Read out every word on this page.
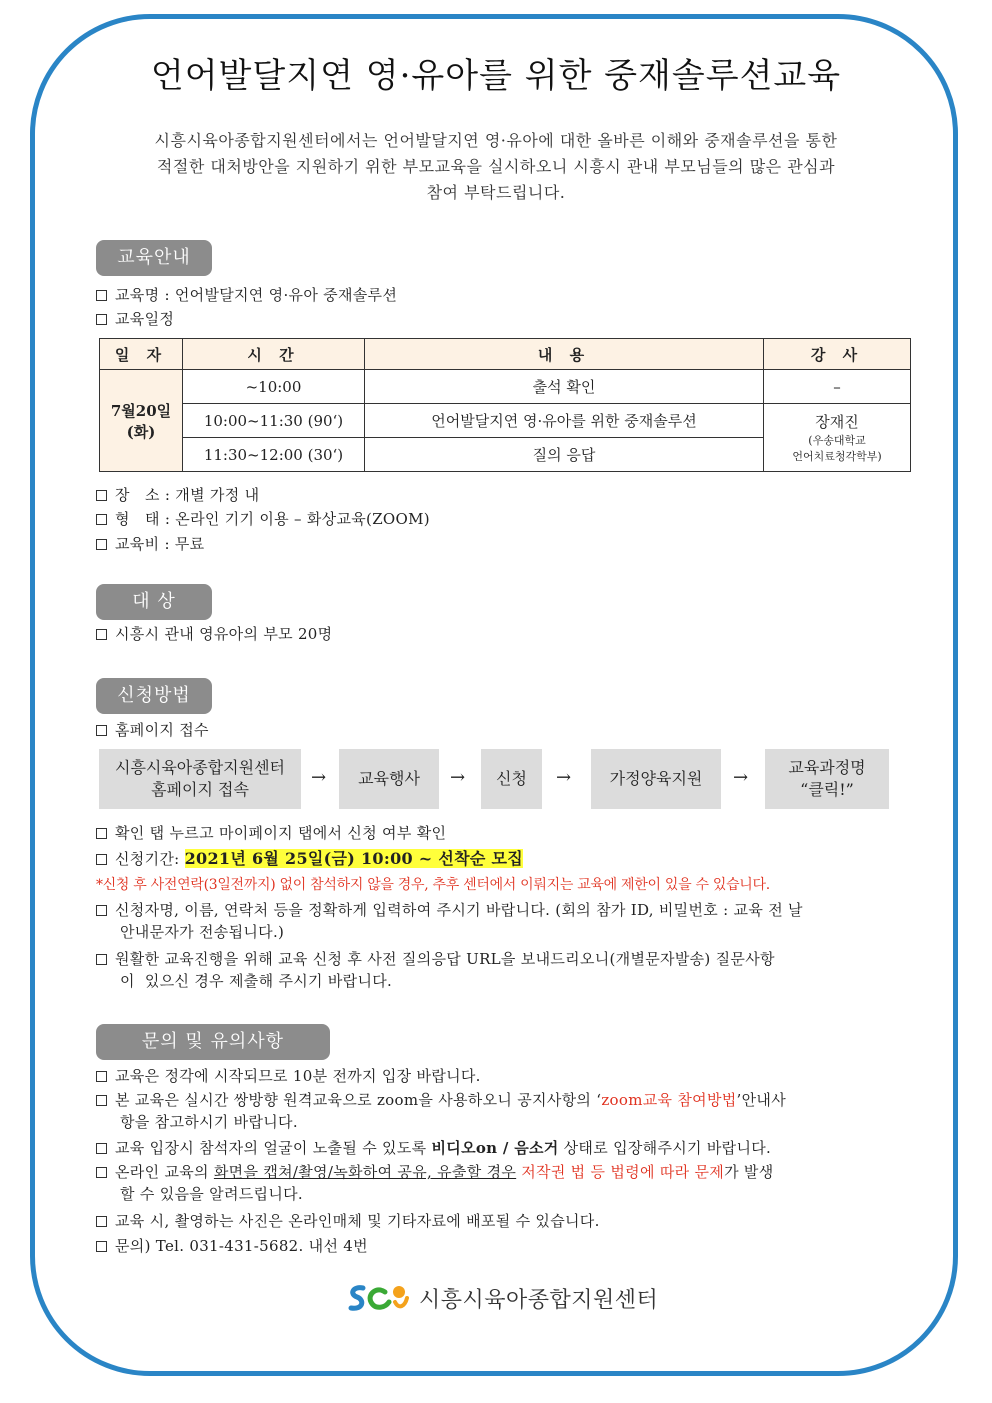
언어발달지연 영·유아를 위한 중재솔루션교육
시흥시육아종합지원센터에서는 언어발달지연 영·유아에 대한 올바른 이해와 중재솔루션을 통한
적절한 대처방안을 지원하기 위한 부모교육을 실시하오니 시흥시 관내 부모님들의 많은 관심과
참여 부탁드립니다.
교육안내
교육명 : 언어발달지연 영·유아 중재솔루션
교육일정
일 자	시 간	내 용	강 사

7월20일
(화)	~10:00	출석 확인	–
	10:00~11:30 (90‘)	언어발달지연 영·유아를 위한 중재솔루션	장재진
(우송대학교
언어치료청각학부)

	11:30~12:00 (30‘)	질의 응답	
장   소 : 개별 가정 내
형   태 : 온라인 기기 이용 – 화상교육(ZOOM)
교육비 : 무료
대 상
시흥시 관내 영유아의 부모 20명
신청방법
홈페이지 접수
시흥시육아종합지원센터
홈페이지 접속
→	교육행사	→	신청	→	가정양육지원	→	교육과정명
“클릭!”
확인 탭 누르고 마이페이지 탭에서 신청 여부 확인
신청기간: 2021년 6월 25일(금) 10:00 ~ 선착순 모집
*신청 후 사전연락(3일전까지) 없이 참석하지 않을 경우, 추후 센터에서 이뤄지는 교육에 제한이 있을 수 있습니다.
신청자명, 이름, 연락처 등을 정확하게 입력하여 주시기 바랍니다. (회의 참가 ID, 비밀번호 : 교육 전 날
안내문자가 전송됩니다.)
원활한 교육진행을 위해 교육 신청 후 사전 질의응답 URL을 보내드리오니(개별문자발송) 질문사항
이  있으신 경우 제출해 주시기 바랍니다.
문의 및 유의사항
교육은 정각에 시작되므로 10분 전까지 입장 바랍니다.
본 교육은 실시간 쌍방향 원격교육으로 zoom을 사용하오니 공지사항의 ‘zoom교육 참여방법’안내사
항을 참고하시기 바랍니다.
교육 입장시 참석자의 얼굴이 노출될 수 있도록 비디오on / 음소거 상태로 입장해주시기 바랍니다.
온라인 교육의 화면을 캡쳐/촬영/녹화하여 공유, 유출할 경우 저작권 법 등 법령에 따라 문제가 발생
할 수 있음을 알려드립니다.
교육 시, 촬영하는 사진은 온라인매체 및 기타자료에 배포될 수 있습니다.
문의) Tel. 031-431-5682. 내선 4번
시흥시육아종합지원센터
